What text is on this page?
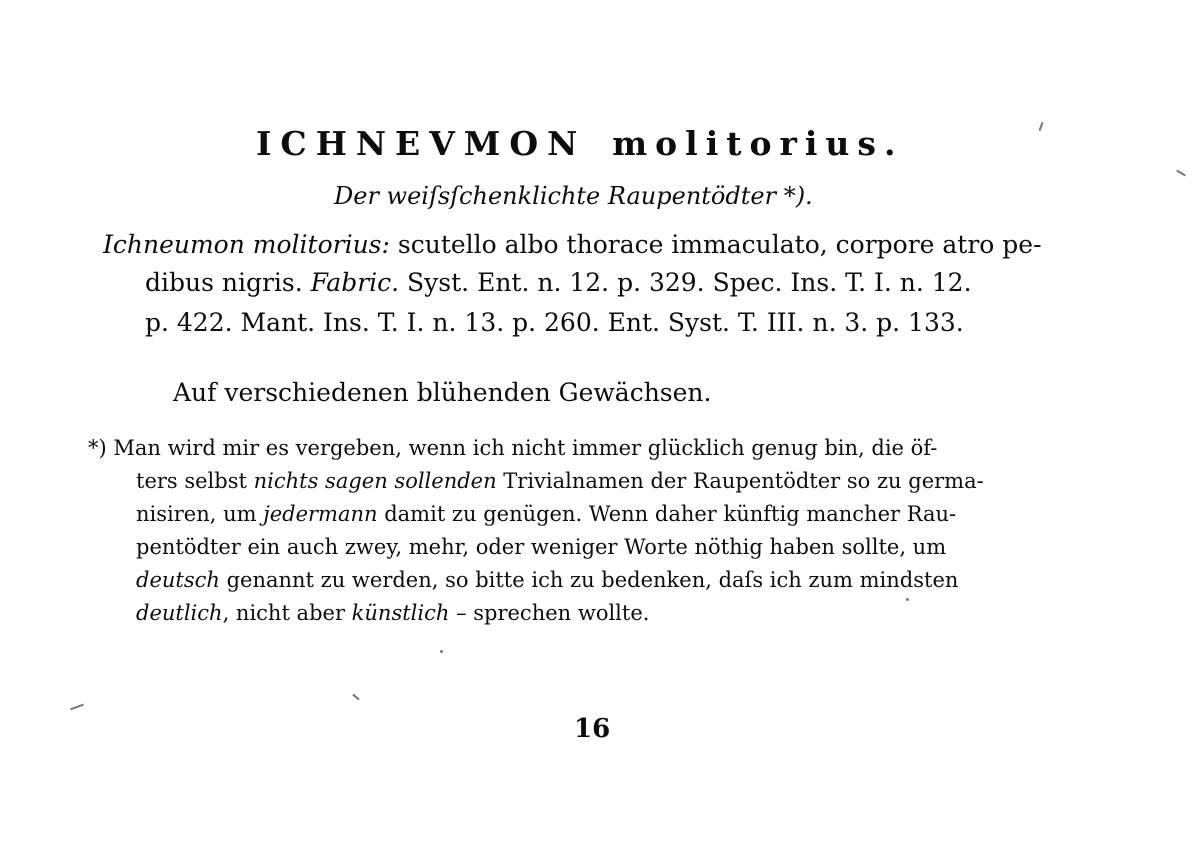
ICHNEVMON molitorius.

Der weiſsſchenklichte Raupentödter *).

Ichneumon molitorius: scutello albo thorace immaculato, corpore atro pe-

dibus nigris. Fabric. Syst. Ent. n. 12. p. 329. Spec. Ins. T. I. n. 12.

p. 422. Mant. Ins. T. I. n. 13. p. 260. Ent. Syst. T. III. n. 3. p. 133.

Auf verschiedenen blühenden Gewächsen.

*) Man wird mir es vergeben, wenn ich nicht immer glücklich genug bin, die öf-

ters selbst nichts sagen sollenden Trivialnamen der Raupentödter so zu germa-

nisiren, um jedermann damit zu genügen. Wenn daher künftig mancher Rau-

pentödter ein auch zwey, mehr, oder weniger Worte nöthig haben sollte, um

deutsch genannt zu werden, so bitte ich zu bedenken, daſs ich zum mindsten

deutlich, nicht aber künstlich – sprechen wollte.

16
